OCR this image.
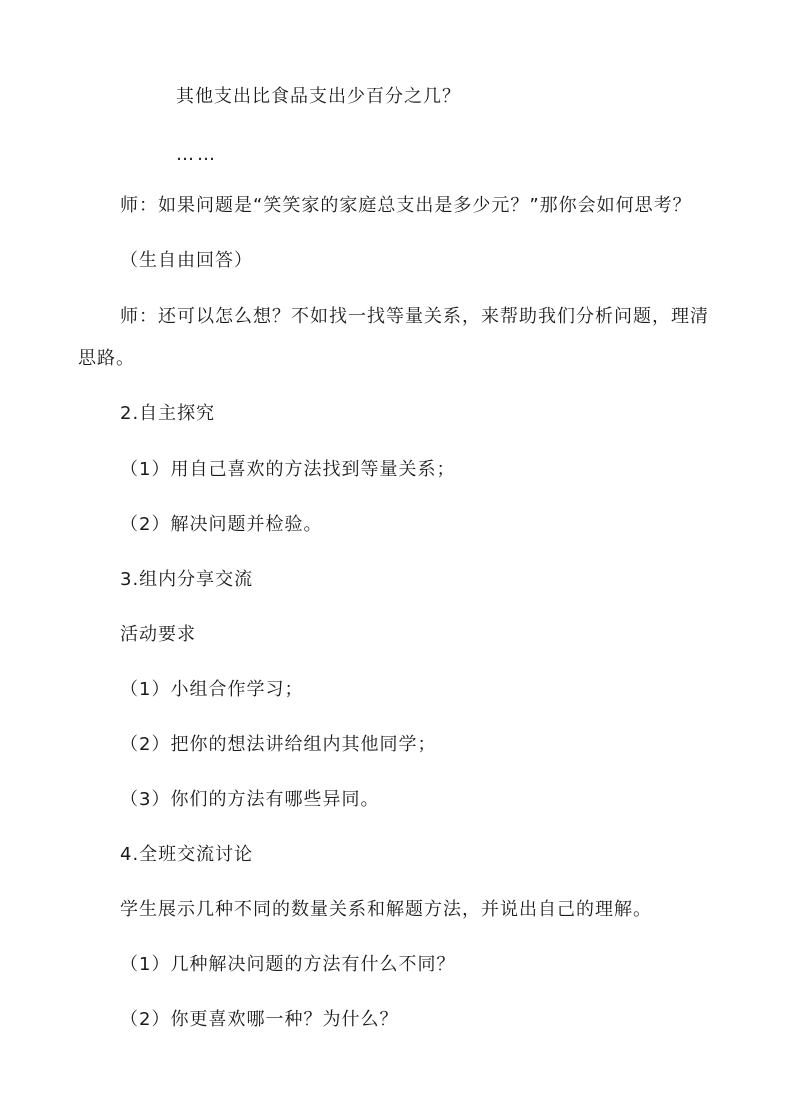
其他支出比食品支出少百分之几？
……
师：如果问题是“笑笑家的家庭总支出是多少元？”那你会如何思考？
（生自由回答）
师：还可以怎么想？不如找一找等量关系，来帮助我们分析问题，理清
思路。
2.自主探究
（1）用自己喜欢的方法找到等量关系；
（2）解决问题并检验。
3.组内分享交流
活动要求
（1）小组合作学习；
（2）把你的想法讲给组内其他同学；
（3）你们的方法有哪些异同。
4.全班交流讨论
学生展示几种不同的数量关系和解题方法，并说出自己的理解。
（1）几种解决问题的方法有什么不同？
（2）你更喜欢哪一种？为什么？
